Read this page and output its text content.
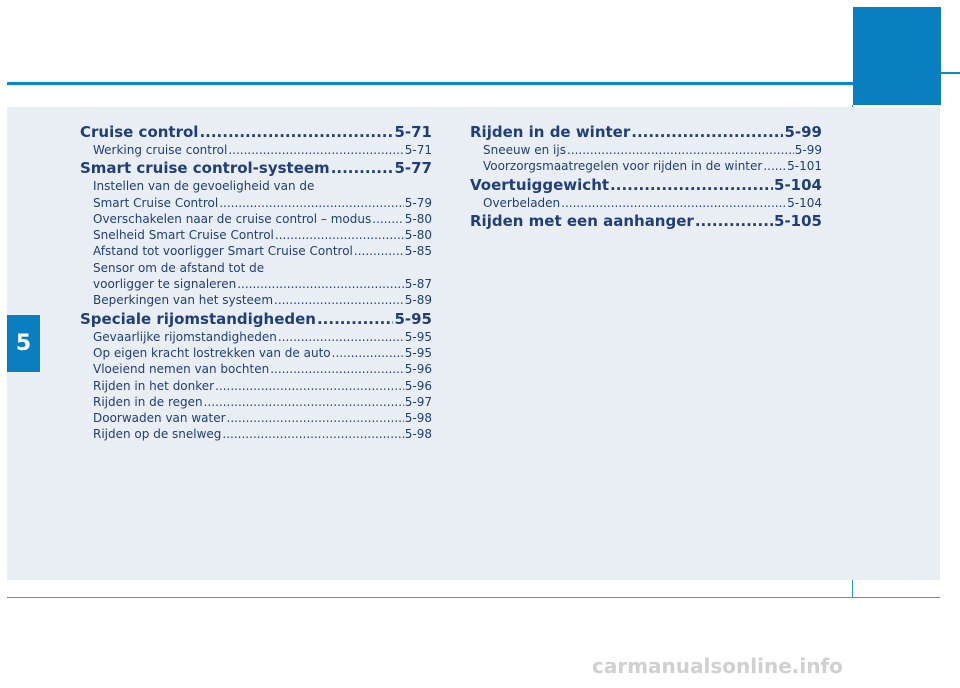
5
Cruise control .....	5-71
Werking cruise control .....	5-71
Smart cruise control-systeem .....	5-77
Instellen van de gevoeligheid van de
Smart Cruise Control .....	5-79
Overschakelen naar de cruise control – modus .....	5-80
Snelheid Smart Cruise Control .....	5-80
Afstand tot voorligger Smart Cruise Control .....	5-85
Sensor om de afstand tot de
voorligger te signaleren .....	5-87
Beperkingen van het systeem .....	5-89
Speciale rijomstandigheden .....	5-95
Gevaarlijke rijomstandigheden .....	5-95
Op eigen kracht lostrekken van de auto .....	5-95
Vloeiend nemen van bochten .....	5-96
Rijden in het donker .....	5-96
Rijden in de regen .....	5-97
Doorwaden van water .....	5-98
Rijden op de snelweg .....	5-98
Rijden in de winter .....	5-99
Sneeuw en ijs .....	5-99
Voorzorgsmaatregelen voor rijden in de winter ..... 5-101
Voertuiggewicht .....	5-104
Overbeladen .....	5-104
Rijden met een aanhanger .....	5-105
carmanualsonline.info
